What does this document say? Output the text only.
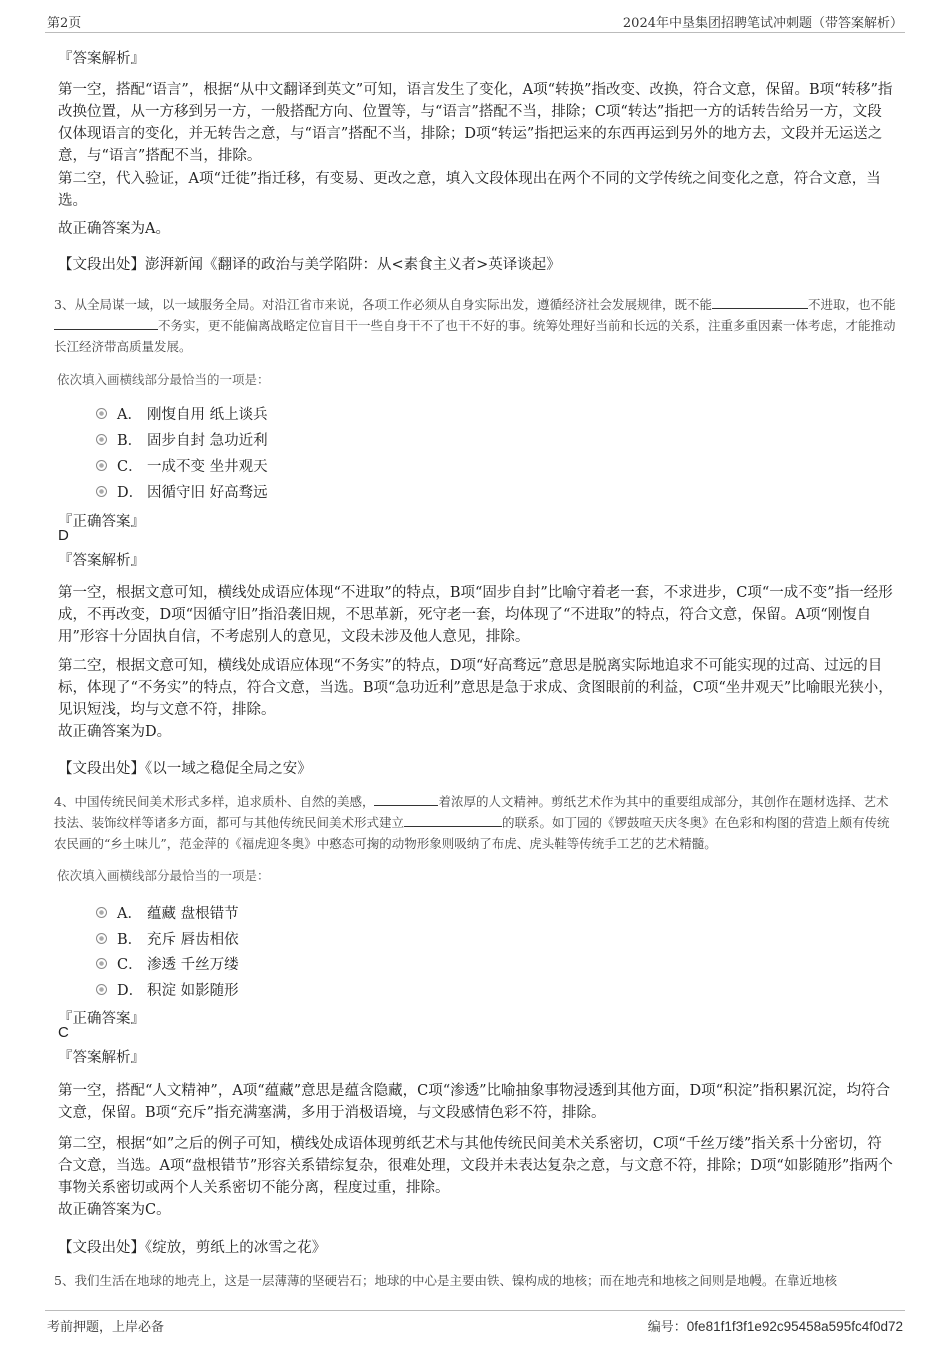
第2页	2024年中垦集团招聘笔试冲刺题（带答案解析）
『答案解析』
第一空，搭配“语言”，根据“从中文翻译到英文”可知，语言发生了变化，A项“转换”指改变、改换，符合文意，保留。B项“转移”指改换位置，从一方移到另一方，一般搭配方向、位置等，与“语言”搭配不当，排除；C项“转达”指把一方的话转告给另一方，文段仅体现语言的变化，并无转告之意，与“语言”搭配不当，排除；D项“转运”指把运来的东西再运到另外的地方去，文段并无运送之意，与“语言”搭配不当，排除。
第二空，代入验证，A项“迁徙”指迁移，有变易、更改之意，填入文段体现出在两个不同的文学传统之间变化之意，符合文意，当选。
故正确答案为A。
【文段出处】澎湃新闻《翻译的政治与美学陷阱：从<素食主义者>英译谈起》
3、从全局谋一域，以一域服务全局。对沿江省市来说，各项工作必须从自身实际出发，遵循经济社会发展规律，既不能	不进取，也不能不务实，更不能偏离战略定位盲目干一些自身干不了也干不好的事。统筹处理好当前和长远的关系，注重多重因素一体考虑，才能推动长江经济带高质量发展。
依次填入画横线部分最恰当的一项是：
A． 刚愎自用 纸上谈兵
B． 固步自封 急功近利
C． 一成不变 坐井观天
D． 因循守旧 好高骛远
『正确答案』
D
『答案解析』
第一空，根据文意可知，横线处成语应体现“不进取”的特点，B项“固步自封”比喻守着老一套，不求进步，C项“一成不变”指一经形成，不再改变，D项“因循守旧”指沿袭旧规，不思革新，死守老一套，均体现了“不进取”的特点，符合文意，保留。A项“刚愎自用”形容十分固执自信，不考虑别人的意见，文段未涉及他人意见，排除。
第二空，根据文意可知，横线处成语应体现“不务实”的特点，D项“好高骛远”意思是脱离实际地追求不可能实现的过高、过远的目标，体现了“不务实”的特点，符合文意，当选。B项“急功近利”意思是急于求成、贪图眼前的利益，C项“坐井观天”比喻眼光狭小，见识短浅，均与文意不符，排除。
故正确答案为D。
【文段出处】《以一域之稳促全局之安》
4、中国传统民间美术形式多样，追求质朴、自然的美感，	着浓厚的人文精神。剪纸艺术作为其中的重要组成部分，其创作在题材选择、艺术技法、装饰纹样等诸多方面，都可与其他传统民间美术形式建立	的联系。如丁园的《锣鼓喧天庆冬奥》在色彩和构图的营造上颇有传统农民画的“乡土味儿”，范金萍的《福虎迎冬奥》中憨态可掬的动物形象则吸纳了布虎、虎头鞋等传统手工艺的艺术精髓。
依次填入画横线部分最恰当的一项是：
A． 蕴藏 盘根错节
B． 充斥 唇齿相依
C． 渗透 千丝万缕
D． 积淀 如影随形
『正确答案』
C
『答案解析』
第一空，搭配“人文精神”，A项“蕴藏”意思是蕴含隐藏，C项“渗透”比喻抽象事物浸透到其他方面，D项“积淀”指积累沉淀，均符合文意，保留。B项“充斥”指充满塞满，多用于消极语境，与文段感情色彩不符，排除。
第二空，根据“如”之后的例子可知，横线处成语体现剪纸艺术与其他传统民间美术关系密切，C项“千丝万缕”指关系十分密切，符合文意，当选。A项“盘根错节”形容关系错综复杂，很难处理，文段并未表达复杂之意，与文意不符，排除；D项“如影随形”指两个事物关系密切或两个人关系密切不能分离，程度过重，排除。
故正确答案为C。
【文段出处】《绽放，剪纸上的冰雪之花》
5、我们生活在地球的地壳上，这是一层薄薄的坚硬岩石；地球的中心是主要由铁、镍构成的地核；而在地壳和地核之间则是地幔。在靠近地核
考前押题，上岸必备	编号：0fe81f1f3f1e92c95458a595fc4f0d72
